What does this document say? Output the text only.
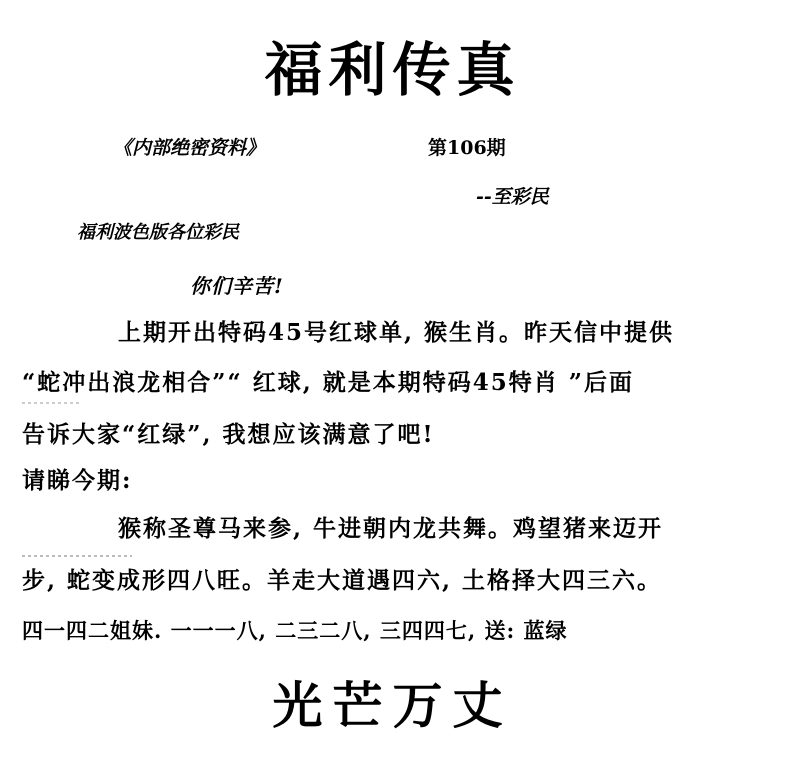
福利传真
《内部绝密资料》	第106期
--至彩民
福利波色版各位彩民
你们辛苦!
上期开出特码45号红球单, 猴生肖。昨天信中提供
“蛇冲出浪龙相合”“ 红球, 就是本期特码45特肖 ”后面
告诉大家“红绿”, 我想应该满意了吧!
请睇今期:
猴称圣尊马来参, 牛进朝内龙共舞。鸡望猪来迈开
步, 蛇变成形四八旺。羊走大道遇四六, 土格择大四三六。
四一四二姐妹. 一一一八, 二三二八, 三四四七, 送: 蓝绿
光芒万丈
